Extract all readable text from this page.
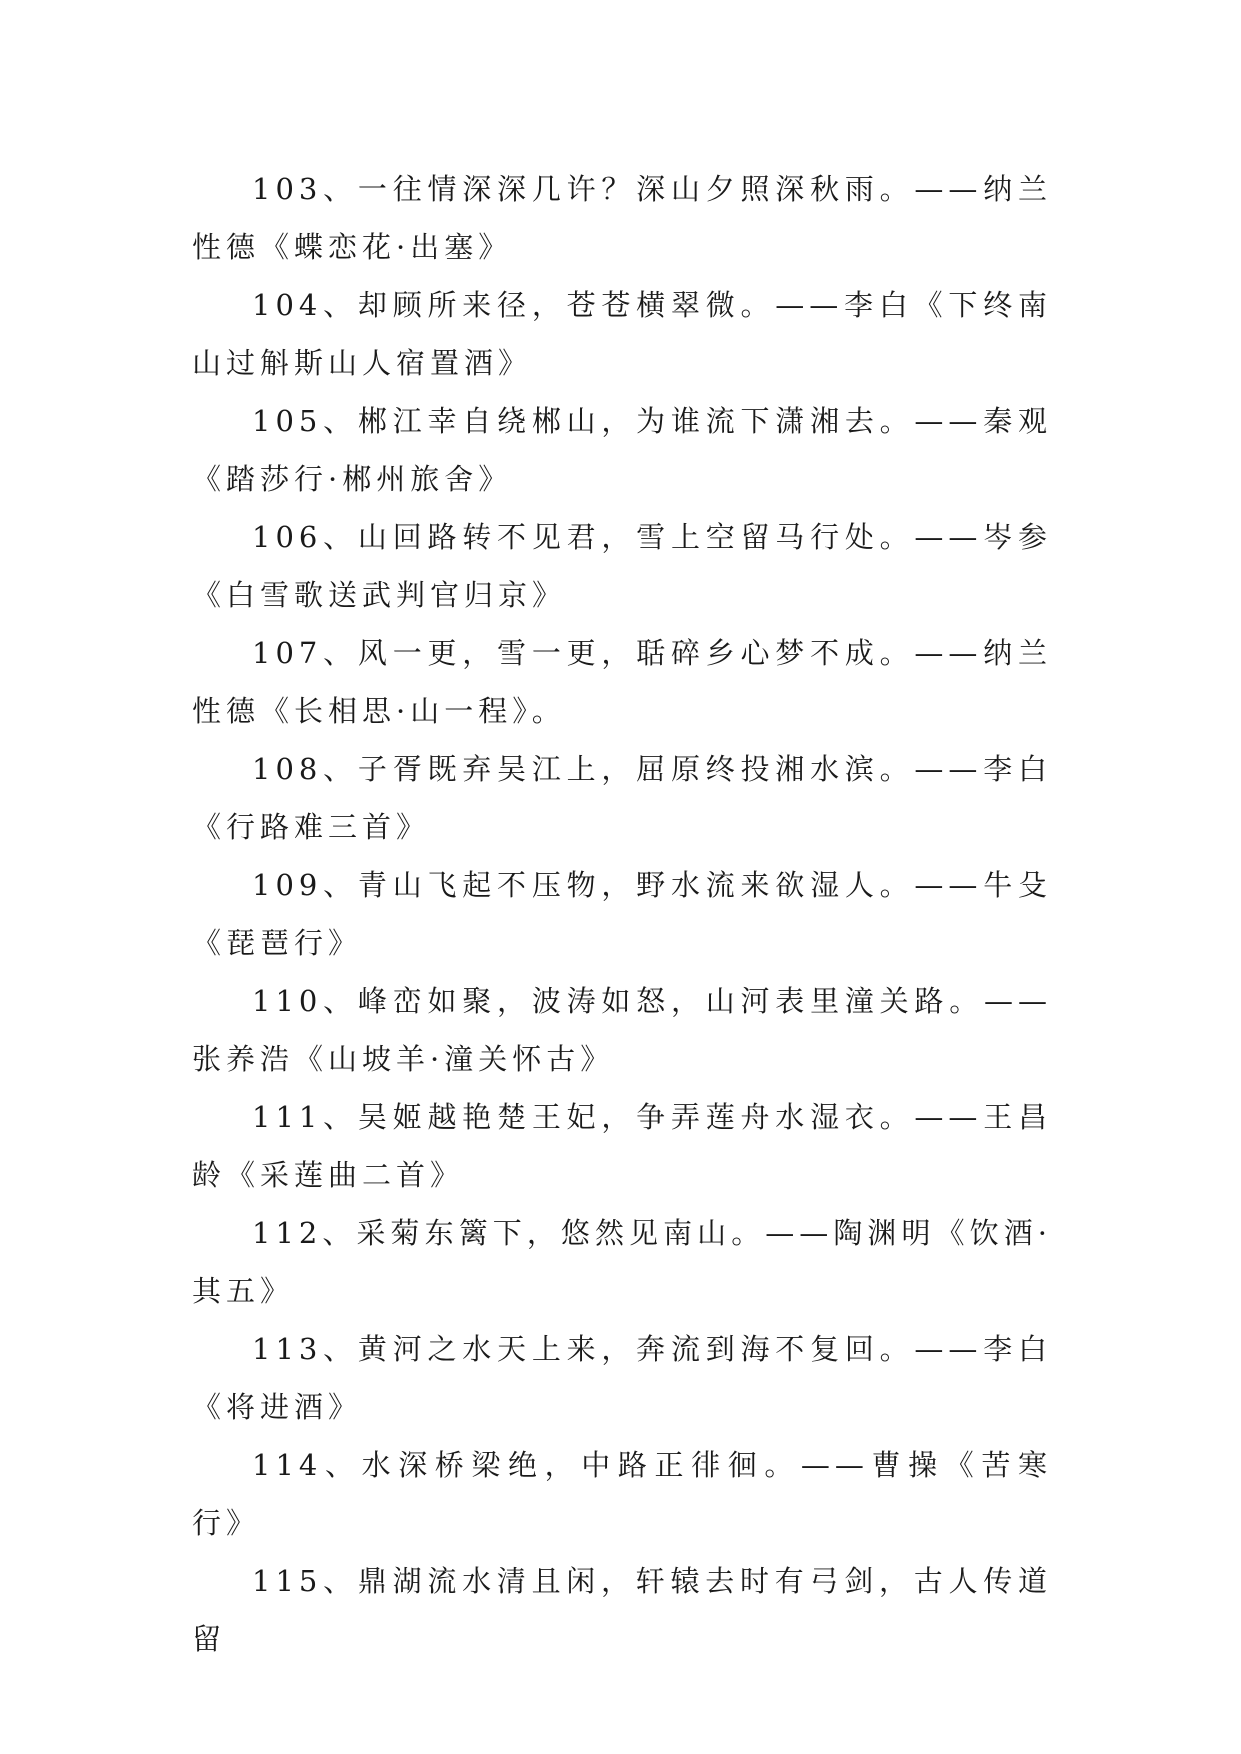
103、一往情深深几许？深山夕照深秋雨。——纳兰性德《蝶恋花·出塞》

104、却顾所来径，苍苍横翠微。——李白《下终南山过斛斯山人宿置酒》

105、郴江幸自绕郴山，为谁流下潇湘去。——秦观《踏莎行·郴州旅舍》

106、山回路转不见君，雪上空留马行处。——岑参《白雪歌送武判官归京》

107、风一更，雪一更，聒碎乡心梦不成。——纳兰性德《长相思·山一程》。

108、子胥既弃吴江上，屈原终投湘水滨。——李白《行路难三首》

109、青山飞起不压物，野水流来欲湿人。——牛殳《琵琶行》

110、峰峦如聚，波涛如怒，山河表里潼关路。——张养浩《山坡羊·潼关怀古》

111、吴姬越艳楚王妃，争弄莲舟水湿衣。——王昌龄《采莲曲二首》

112、采菊东篱下，悠然见南山。——陶渊明《饮酒·其五》

113、黄河之水天上来，奔流到海不复回。——李白《将进酒》

114、水深桥梁绝，中路正徘徊。——曹操《苦寒行》

115、鼎湖流水清且闲，轩辕去时有弓剑，古人传道留
